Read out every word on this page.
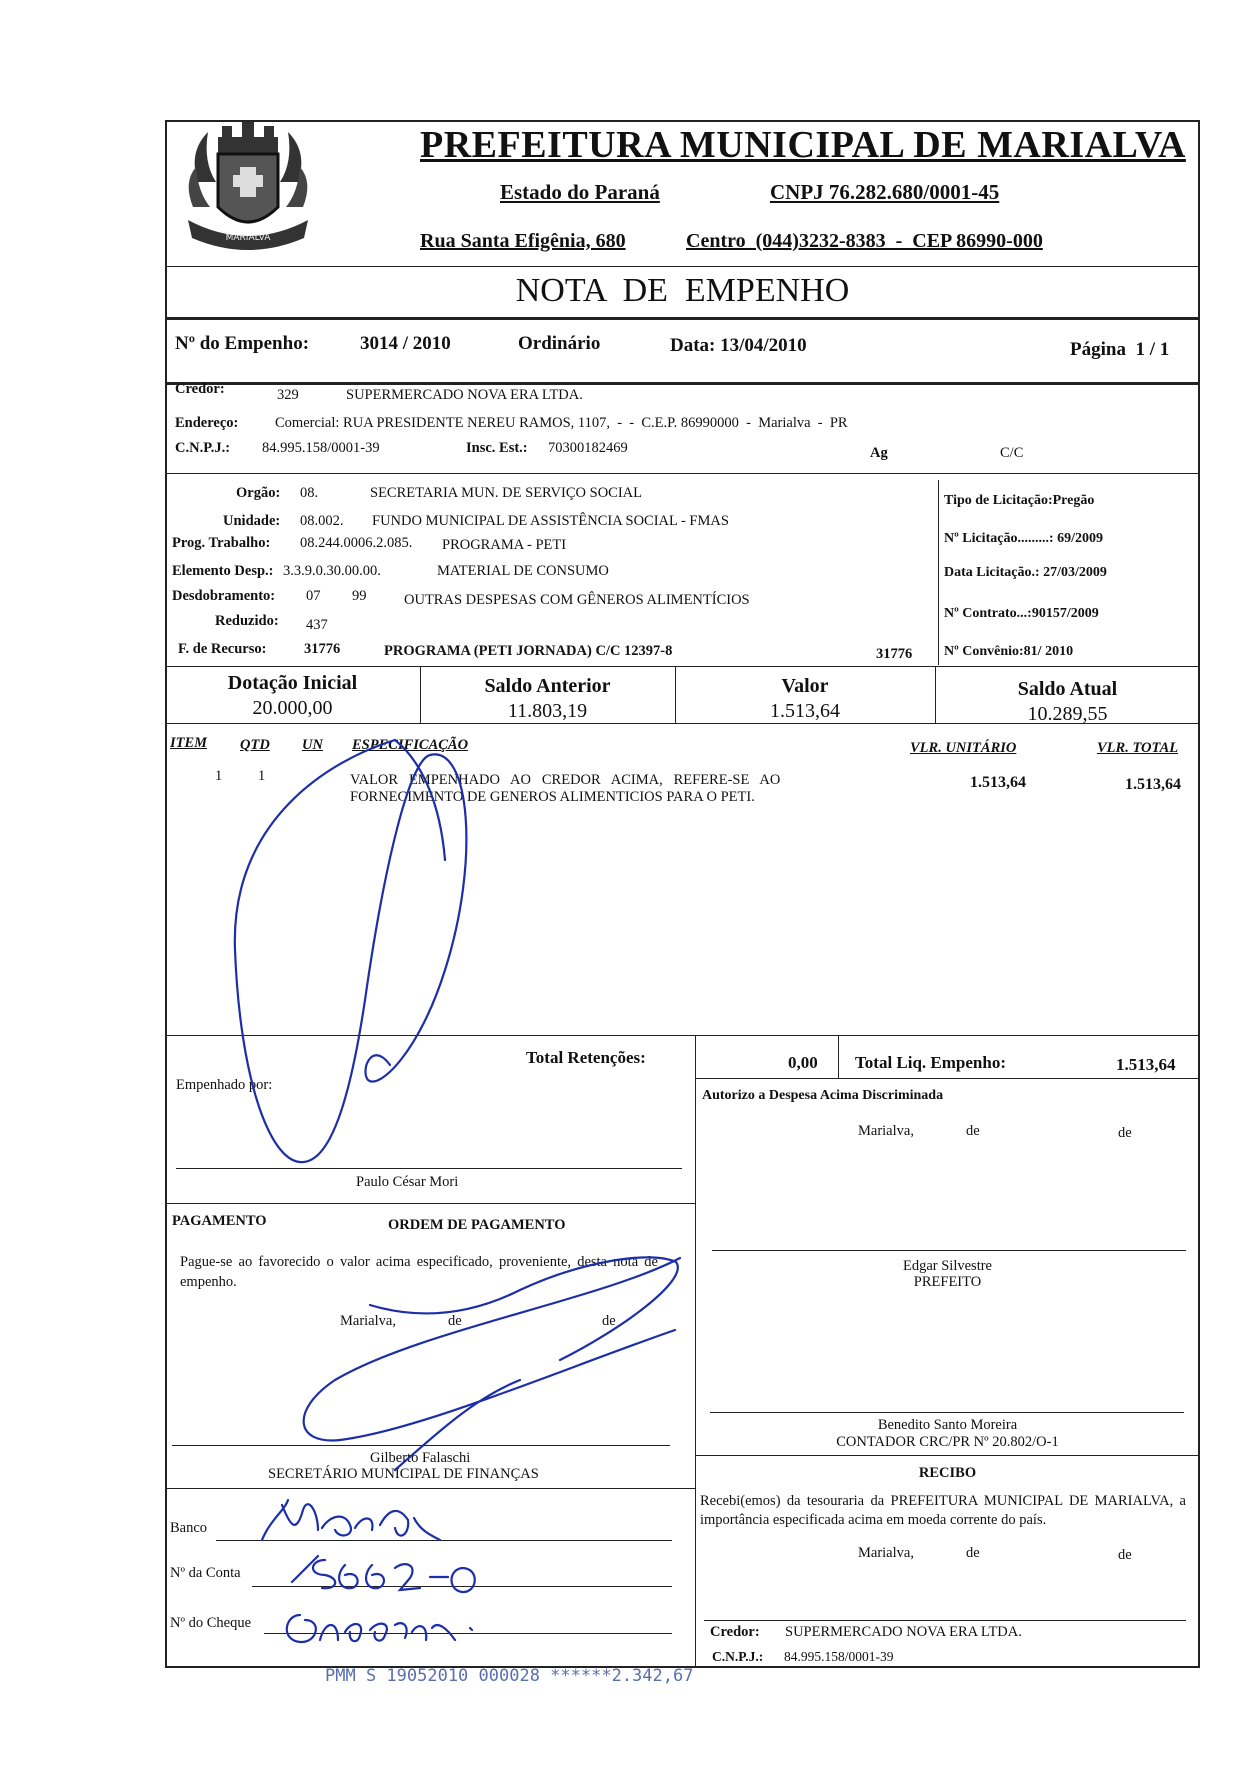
MARIALVA
PREFEITURA MUNICIPAL DE MARIALVA
Estado do Paraná	CNPJ 76.282.680/0001-45
Rua Santa Efigênia, 680	Centro  (044)3232-8383  -  CEP 86990-000
NOTA  DE  EMPENHO
Nº do Empenho:	3014 / 2010	Ordinário	Data: 13/04/2010	Página  1 / 1
Credor:	329	SUPERMERCADO NOVA ERA LTDA.
Endereço:	Comercial: RUA PRESIDENTE NEREU RAMOS, 1107,  -  -  C.E.P. 86990000  -  Marialva  -  PR
C.N.P.J.: 84.995.158/0001-39	Insc. Est.: 70300182469	Ag	C/C
Orgão: 08.	SECRETARIA MUN. DE SERVIÇO SOCIAL
Unidade: 08.002. FUNDO MUNICIPAL DE ASSISTÊNCIA SOCIAL - FMAS
Prog. Trabalho: 08.244.0006.2.085. PROGRAMA - PETI
Elemento Desp.: 3.3.9.0.30.00.00.	MATERIAL DE CONSUMO
Desdobramento: 07 99	OUTRAS DESPESAS COM GÊNEROS ALIMENTÍCIOS
Reduzido: 437
F. de Recurso:	31776	PROGRAMA (PETI JORNADA) C/C 12397-8	31776
Tipo de Licitação:Pregão
Nº Licitação.........: 69/2009
Data Licitação.: 27/03/2009
Nº Contrato...:90157/2009
Nº Convênio:81/ 2010
Dotação Inicial
20.000,00
Saldo Anterior
11.803,19
Valor
1.513,64
Saldo Atual
10.289,55
ITEM QTD UN ESPECIFICAÇÃO	VLR. UNITÁRIO	VLR. TOTAL
1 1	VALOR   EMPENHADO   AO   CREDOR   ACIMA,   REFERE-SE   AO
FORNECIMENTO DE GENEROS ALIMENTICIOS PARA O PETI.
1.513,64	1.513,64
Total Retenções:	0,00 Total Liq. Empenho:	1.513,64
Empenhado por:
Paulo César Mori
PAGAMENTO	ORDEM DE PAGAMENTO
Pague-se ao favorecido o valor acima especificado, proveniente, desta nota de empenho.
Marialva,	de	de
Gilberto Falaschi
SECRETÁRIO MUNICIPAL DE FINANÇAS
Banco
Nº da Conta
Nº do Cheque
Autorizo a Despesa Acima Discriminada
Marialva,	de	de
Edgar Silvestre
PREFEITO
Benedito Santo Moreira
CONTADOR CRC/PR Nº 20.802/O-1
RECIBO
Recebi(emos) da tesouraria da PREFEITURA MUNICIPAL DE MARIALVA, a importância especificada acima em moeda corrente do país.
Marialva,	de	de
Credor: SUPERMERCADO NOVA ERA LTDA.
C.N.P.J.: 84.995.158/0001-39
PMM S 19052010 000028 ******2.342,67
